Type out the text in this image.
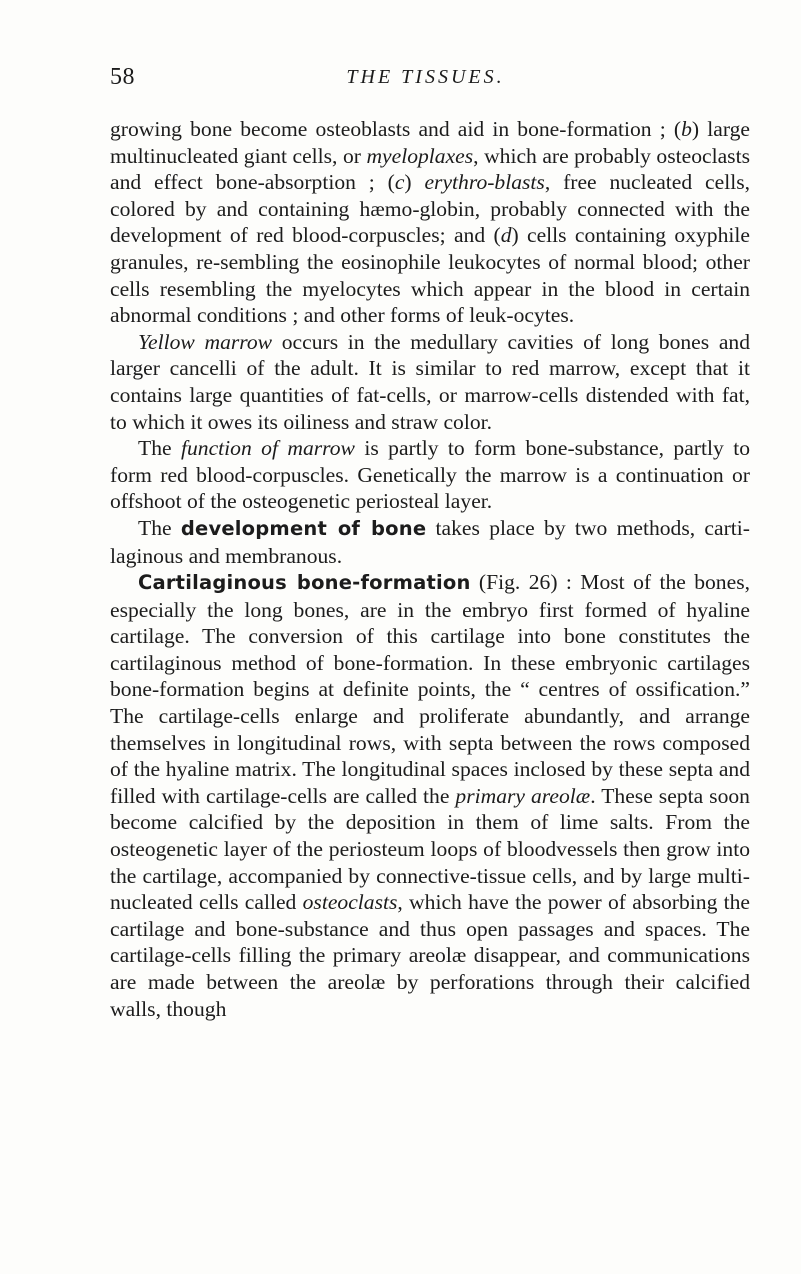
58	THE TISSUES.

growing bone become osteoblasts and aid in bone-formation ; (b) large multinucleated giant cells, or myeloplaxes, which are probably osteoclasts and effect bone-absorption ; (c) erythro-blasts, free nucleated cells, colored by and containing hæmo-globin, probably connected with the development of red blood-corpuscles; and (d) cells containing oxyphile granules, re-sembling the eosinophile leukocytes of normal blood; other cells resembling the myelocytes which appear in the blood in certain abnormal conditions ; and other forms of leuk-ocytes.

Yellow marrow occurs in the medullary cavities of long bones and larger cancelli of the adult. It is similar to red marrow, except that it contains large quantities of fat-cells, or marrow-cells distended with fat, to which it owes its oiliness and straw color.

The function of marrow is partly to form bone-substance, partly to form red blood-corpuscles. Genetically the marrow is a continuation or offshoot of the osteogenetic periosteal layer.

The development of bone takes place by two methods, carti-laginous and membranous.

Cartilaginous bone-formation (Fig. 26) : Most of the bones, especially the long bones, are in the embryo first formed of hyaline cartilage. The conversion of this cartilage into bone constitutes the cartilaginous method of bone-formation. In these embryonic cartilages bone-formation begins at definite points, the “ centres of ossification.” The cartilage-cells enlarge and proliferate abundantly, and arrange themselves in longitudinal rows, with septa between the rows composed of the hyaline matrix. The longitudinal spaces inclosed by these septa and filled with cartilage-cells are called the primary areolæ. These septa soon become calcified by the deposition in them of lime salts. From the osteogenetic layer of the periosteum loops of bloodvessels then grow into the cartilage, accompanied by connective-tissue cells, and by large multi-nucleated cells called osteoclasts, which have the power of absorbing the cartilage and bone-substance and thus open passages and spaces. The cartilage-cells filling the primary areolæ disappear, and communications are made between the areolæ by perforations through their calcified walls, though
